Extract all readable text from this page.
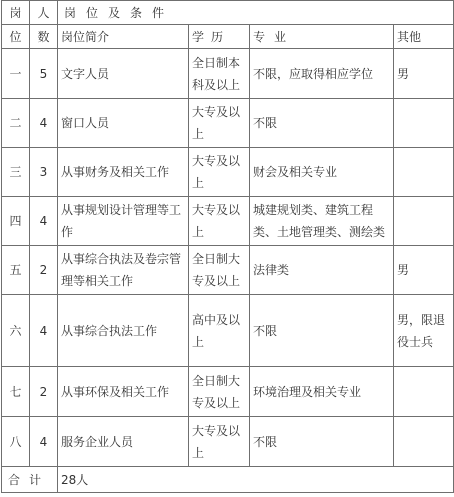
岗	人	岗位及条件			
位	数	岗位简介	学历	专业	其他
一	5	文字人员	全日制本科及以上	不限，应取得相应学位	男
二	4	窗口人员	大专及以上	不限	
三	3	从事财务及相关工作	大专及以上	财会及相关专业	
四	4	从事规划设计管理等工作	大专及以上	城建规划类、建筑工程类、土地管理类、测绘类	
五	2	从事综合执法及卷宗管理等相关工作	全日制大专及以上	法律类	男
六	4	从事综合执法工作	高中及以上	不限	男，限退役士兵
七	2	从事环保及相关工作	全日制大专及以上	环境治理及相关专业	
八	4	服务企业人员	大专及以上	不限	
合计		28人			
